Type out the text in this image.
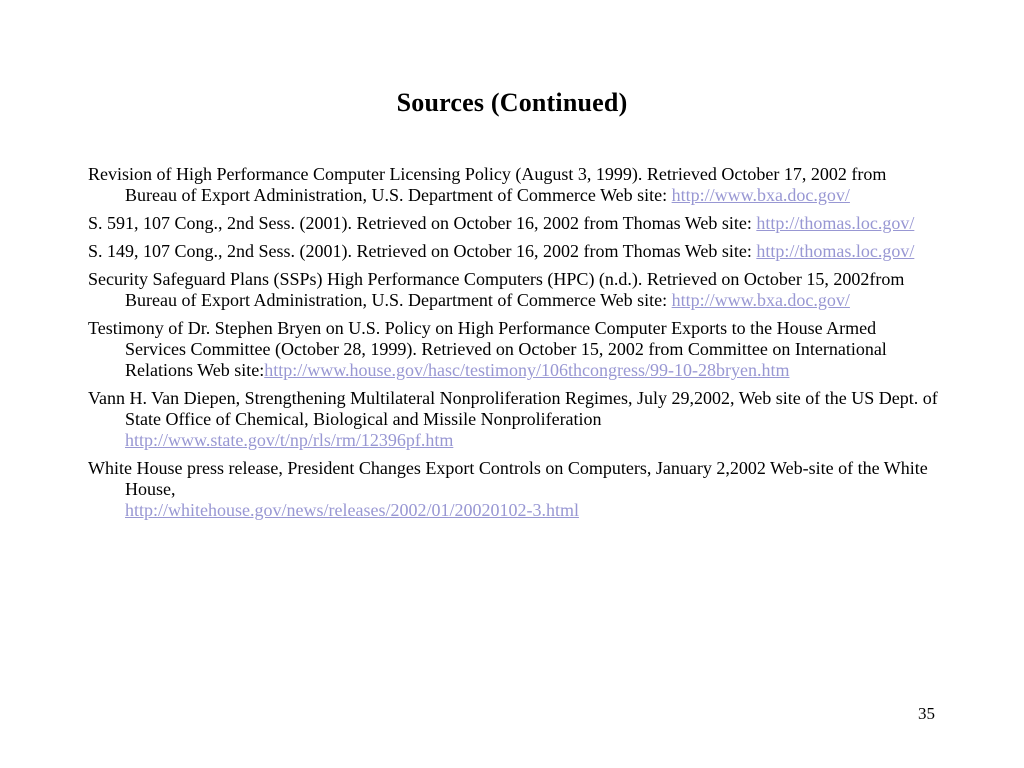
Sources (Continued)

Revision of High Performance Computer Licensing Policy (August 3, 1999). Retrieved October 17, 2002 from Bureau of Export Administration, U.S. Department of Commerce Web site: http://www.bxa.doc.gov/

S. 591, 107 Cong., 2nd Sess. (2001). Retrieved on October 16, 2002 from Thomas Web site: http://thomas.loc.gov/

S. 149, 107 Cong., 2nd Sess. (2001). Retrieved on October 16, 2002 from Thomas Web site: http://thomas.loc.gov/

Security Safeguard Plans (SSPs) High Performance Computers (HPC) (n.d.). Retrieved on October 15, 2002from Bureau of Export Administration, U.S. Department of Commerce Web site: http://www.bxa.doc.gov/

Testimony of Dr. Stephen Bryen on U.S. Policy on High Performance Computer Exports to the House Armed Services Committee (October 28, 1999). Retrieved on October 15, 2002 from Committee on International Relations Web site:http://www.house.gov/hasc/testimony/106thcongress/99-10-28bryen.htm

Vann H. Van Diepen, Strengthening Multilateral Nonproliferation Regimes, July 29,2002, Web site of the US Dept. of State Office of Chemical, Biological and Missile Nonproliferation
http://www.state.gov/t/np/rls/rm/12396pf.htm

White House press release, President Changes Export Controls on Computers, January 2,2002 Web-site of the White House,
http://whitehouse.gov/news/releases/2002/01/20020102-3.html

35
